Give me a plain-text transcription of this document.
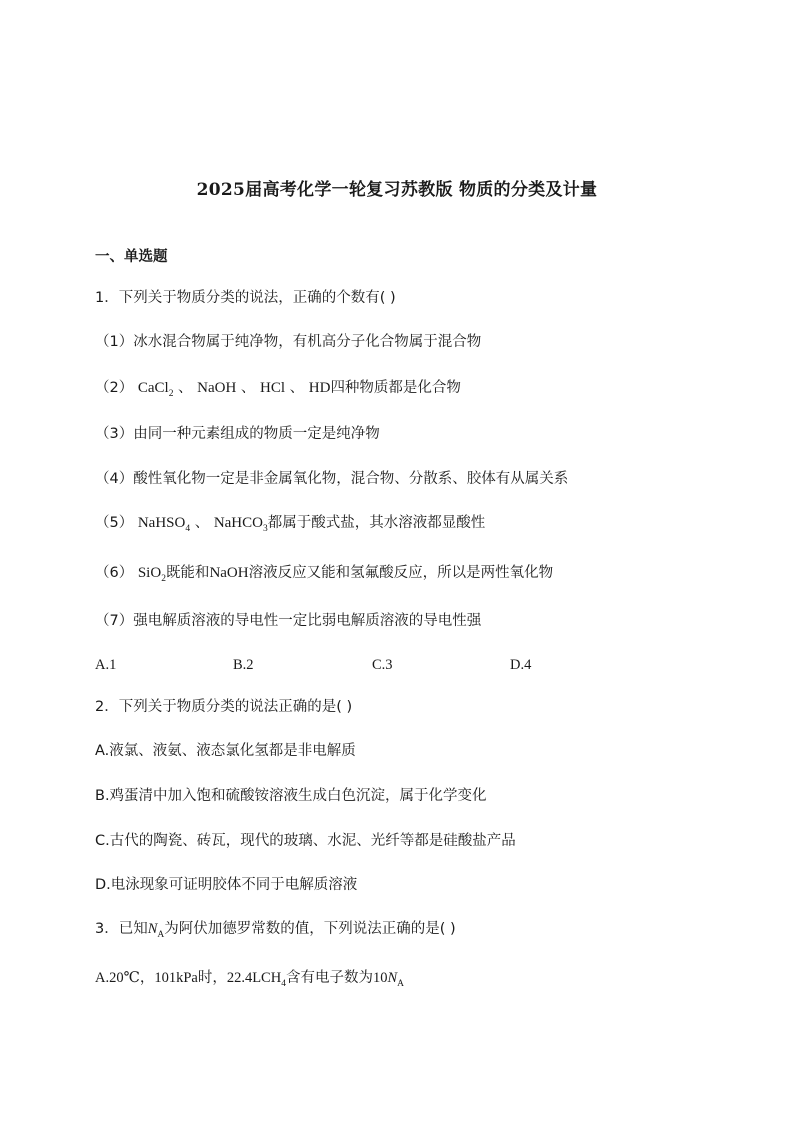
2025届高考化学一轮复习苏教版 物质的分类及计量
一、单选题
1．下列关于物质分类的说法，正确的个数有( )
（1）冰水混合物属于纯净物，有机高分子化合物属于混合物
（2） CaCl$_2$ 、 NaOH 、 HCl 、 HD四种物质都是化合物
（3）由同一种元素组成的物质一定是纯净物
（4）酸性氧化物一定是非金属氧化物，混合物、分散系、胶体有从属关系
（5） NaHSO$_4$ 、 NaHCO$_3$都属于酸式盐，其水溶液都显酸性
（6） SiO$_2$既能和NaOH溶液反应又能和氢氟酸反应，所以是两性氧化物
（7）强电解质溶液的导电性一定比弱电解质溶液的导电性强
A.1	B.2	C.3	D.4
2．下列关于物质分类的说法正确的是( )
A.液氯、液氨、液态氯化氢都是非电解质
B.鸡蛋清中加入饱和硫酸铵溶液生成白色沉淀，属于化学变化
C.古代的陶瓷、砖瓦，现代的玻璃、水泥、光纤等都是硅酸盐产品
D.电泳现象可证明胶体不同于电解质溶液
3．已知$N_A$为阿伏加德罗常数的值，下列说法正确的是( )
A.20℃，101kPa时，$22.4LCH_4$含有电子数为$10N_A$
